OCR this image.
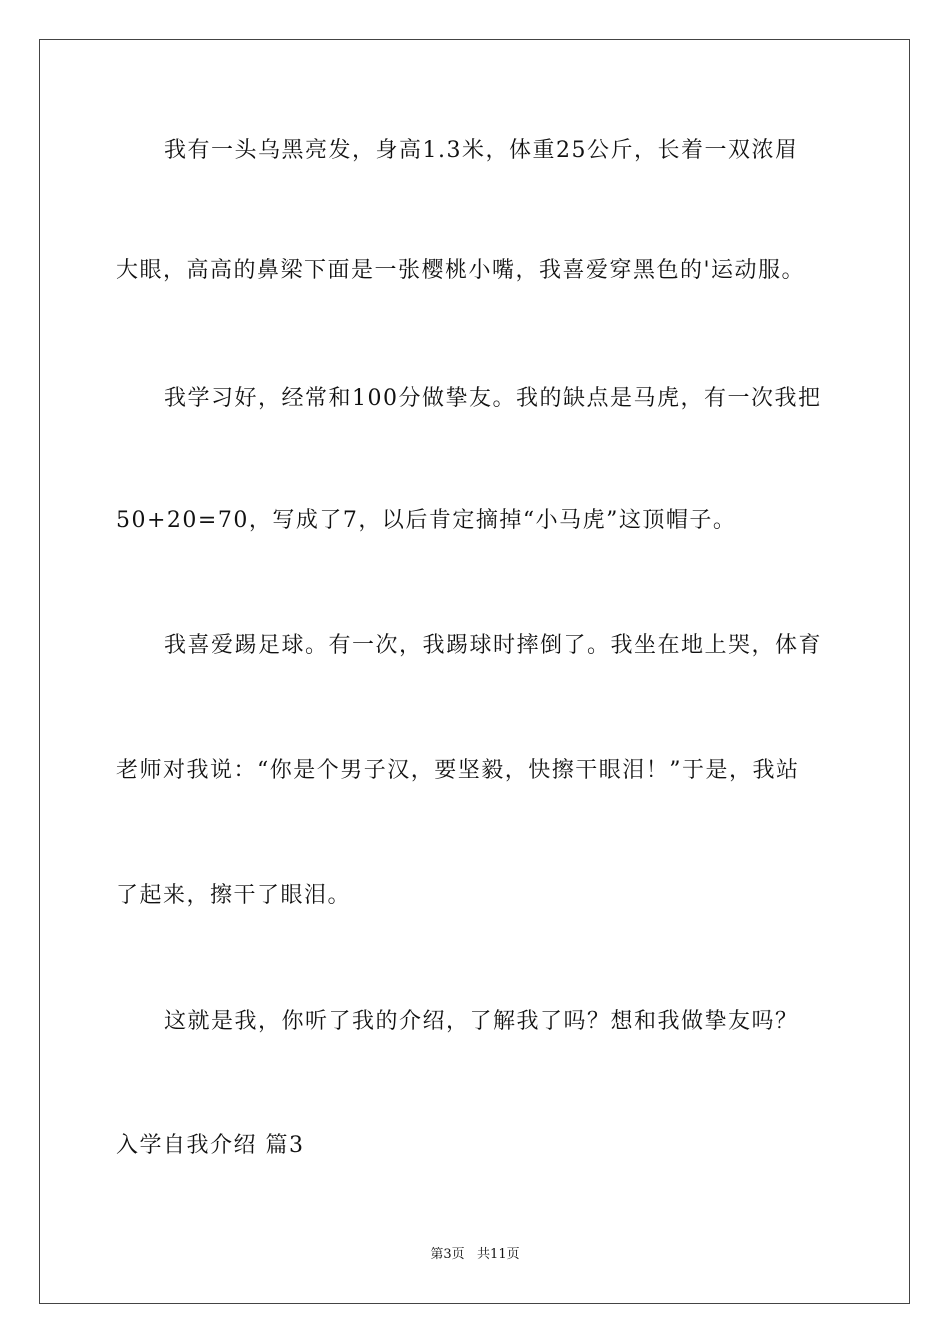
我有一头乌黑亮发，身高1.3米，体重25公斤，长着一双浓眉
大眼，高高的鼻梁下面是一张樱桃小嘴，我喜爱穿黑色的'运动服。
我学习好，经常和100分做挚友。我的缺点是马虎，有一次我把
50+20=70，写成了7，以后肯定摘掉“小马虎”这顶帽子。
我喜爱踢足球。有一次，我踢球时摔倒了。我坐在地上哭，体育
老师对我说：“你是个男子汉，要坚毅，快擦干眼泪！”于是，我站
了起来，擦干了眼泪。
这就是我，你听了我的介绍，了解我了吗？想和我做挚友吗？
入学自我介绍 篇3
第3页   共11页
